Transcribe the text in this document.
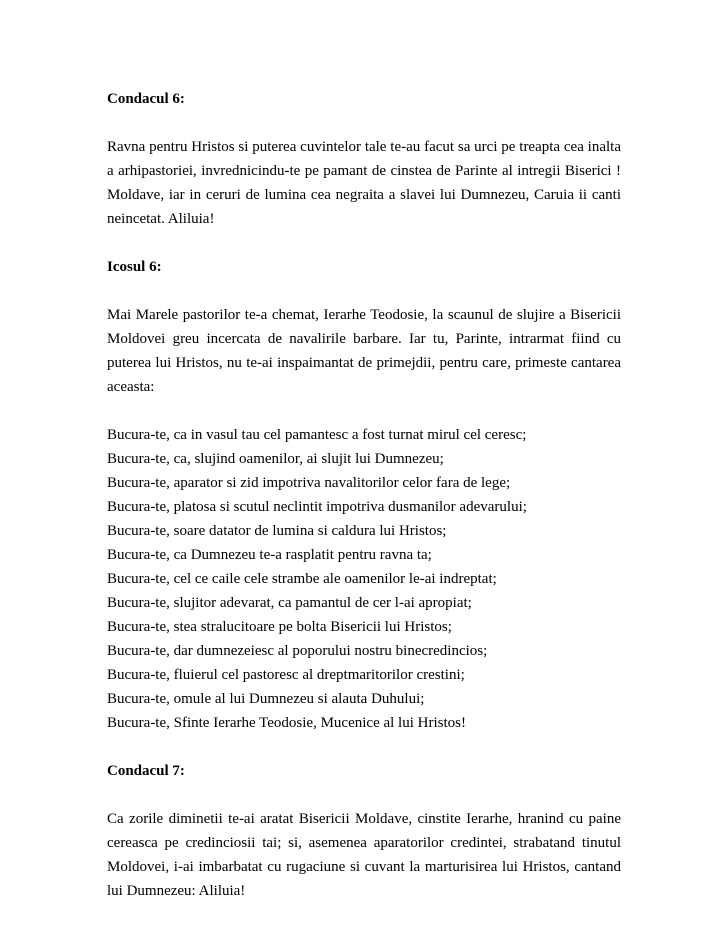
Condacul 6:
Ravna pentru Hristos si puterea cuvintelor tale te-au facut sa urci pe treapta cea inalta a arhipastoriei, invrednicindu-te pe pamant de cinstea de Parinte al intregii Biserici ! Moldave, iar in ceruri de lumina cea negraita a slavei lui Dumnezeu, Caruia ii canti neincetat. Aliluia!
Icosul 6:
Mai Marele pastorilor te-a chemat, Ierarhe Teodosie, la scaunul de slujire a Bisericii Moldovei greu incercata de navalirile barbare. Iar tu, Parinte, intrarmat fiind cu puterea lui Hristos, nu te-ai inspaimantat de primejdii, pentru care, primeste cantarea aceasta:
Bucura-te, ca in vasul tau cel pamantesc a fost turnat mirul cel ceresc;
Bucura-te, ca, slujind oamenilor, ai slujit lui Dumnezeu;
Bucura-te, aparator si zid impotriva navalitorilor celor fara de lege;
Bucura-te, platosa si scutul neclintit impotriva dusmanilor adevarului;
Bucura-te, soare datator de lumina si caldura lui Hristos;
Bucura-te, ca Dumnezeu te-a rasplatit pentru ravna ta;
Bucura-te, cel ce caile cele strambe ale oamenilor le-ai indreptat;
Bucura-te, slujitor adevarat, ca pamantul de cer l-ai apropiat;
Bucura-te, stea stralucitoare pe bolta Bisericii lui Hristos;
Bucura-te, dar dumnezeiesc al poporului nostru binecredincios;
Bucura-te, fluierul cel pastoresc al dreptmaritorilor crestini;
Bucura-te, omule al lui Dumnezeu si alauta Duhului;
Bucura-te, Sfinte Ierarhe Teodosie, Mucenice al lui Hristos!
Condacul 7:
Ca zorile diminetii te-ai aratat Bisericii Moldave, cinstite Ierarhe, hranind cu paine cereasca pe credinciosii tai; si, asemenea aparatorilor credintei, strabatand tinutul Moldovei, i-ai imbarbatat cu rugaciune si cuvant la marturisirea lui Hristos, cantand lui Dumnezeu: Aliluia!
